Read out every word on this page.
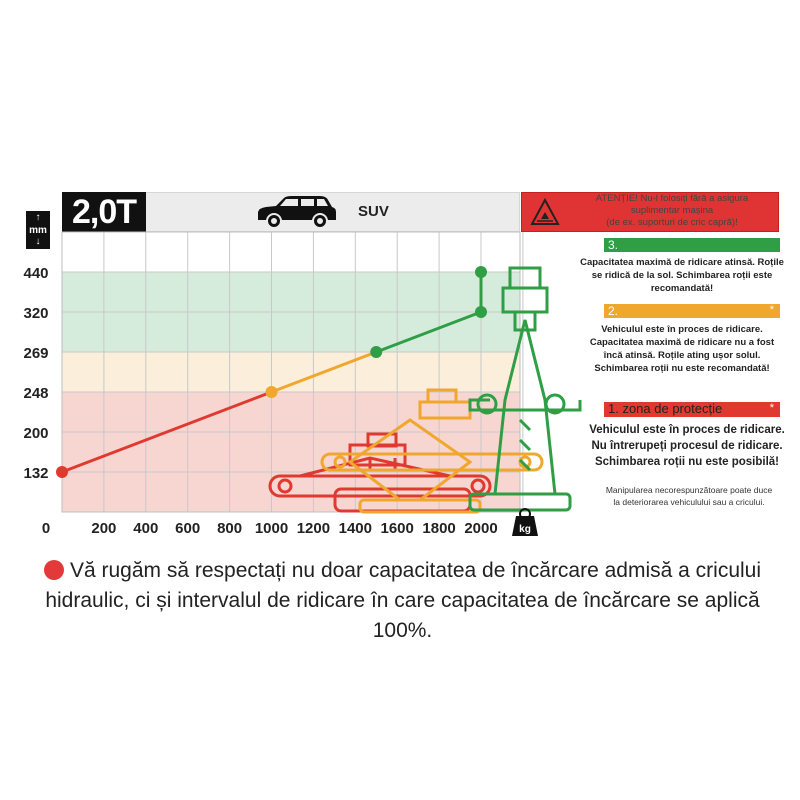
2,0T	SUV
↑
mm
↓
132
200
248
269
320
440
0	200 400 600 800 1000 1200 1400 1600 1800 2000 kg
ATENȚIE! Nu-l folosiți fără a asigura
suplimentar mașina
(de ex. suporturi de cric capră)!
3.
Capacitatea maximă de ridicare atinsă. Roțile
se ridică de la sol. Schimbarea roții este
recomandată!
2.	*
Vehiculul este în proces de ridicare.
Capacitatea maximă de ridicare nu a fost
încă atinsă. Roțile ating ușor solul.
Schimbarea roții nu este recomandată!
1. zona de protecție	*
Vehiculul este în proces de ridicare.
Nu întrerupeți procesul de ridicare.
Schimbarea roții nu este posibilă!
Manipularea necorespunzătoare poate duce
la deteriorarea vehiculului sau a cricului.
Vă rugăm să respectați nu doar capacitatea de încărcare admisă a cricului hidraulic, ci și intervalul de ridicare în care capacitatea de încărcare se aplică 100%.
